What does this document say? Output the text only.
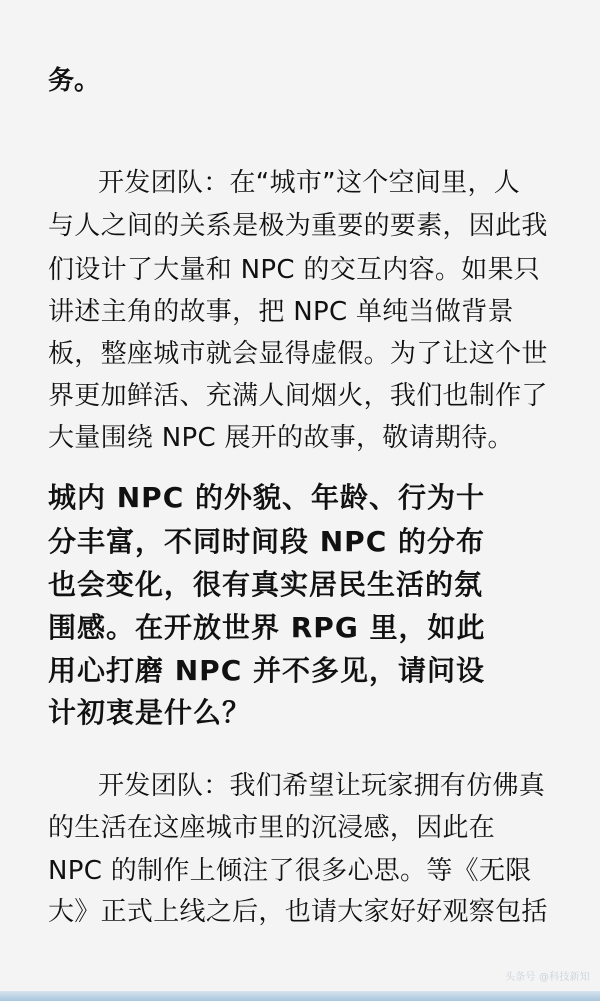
务。
开发团队：在“城市”这个空间里，人
与人之间的关系是极为重要的要素，因此我
们设计了大量和 NPC 的交互内容。如果只
讲述主角的故事，把 NPC 单纯当做背景
板，整座城市就会显得虚假。为了让这个世
界更加鲜活、充满人间烟火，我们也制作了
大量围绕 NPC 展开的故事，敬请期待。
城内 NPC 的外貌、年龄、行为十
分丰富，不同时间段 NPC 的分布
也会变化，很有真实居民生活的氛
围感。在开放世界 RPG 里，如此
用心打磨 NPC 并不多见，请问设
计初衷是什么？
开发团队：我们希望让玩家拥有仿佛真
的生活在这座城市里的沉浸感，因此在
NPC 的制作上倾注了很多心思。等《无限
大》正式上线之后，也请大家好好观察包括
头条号 @科技新知
